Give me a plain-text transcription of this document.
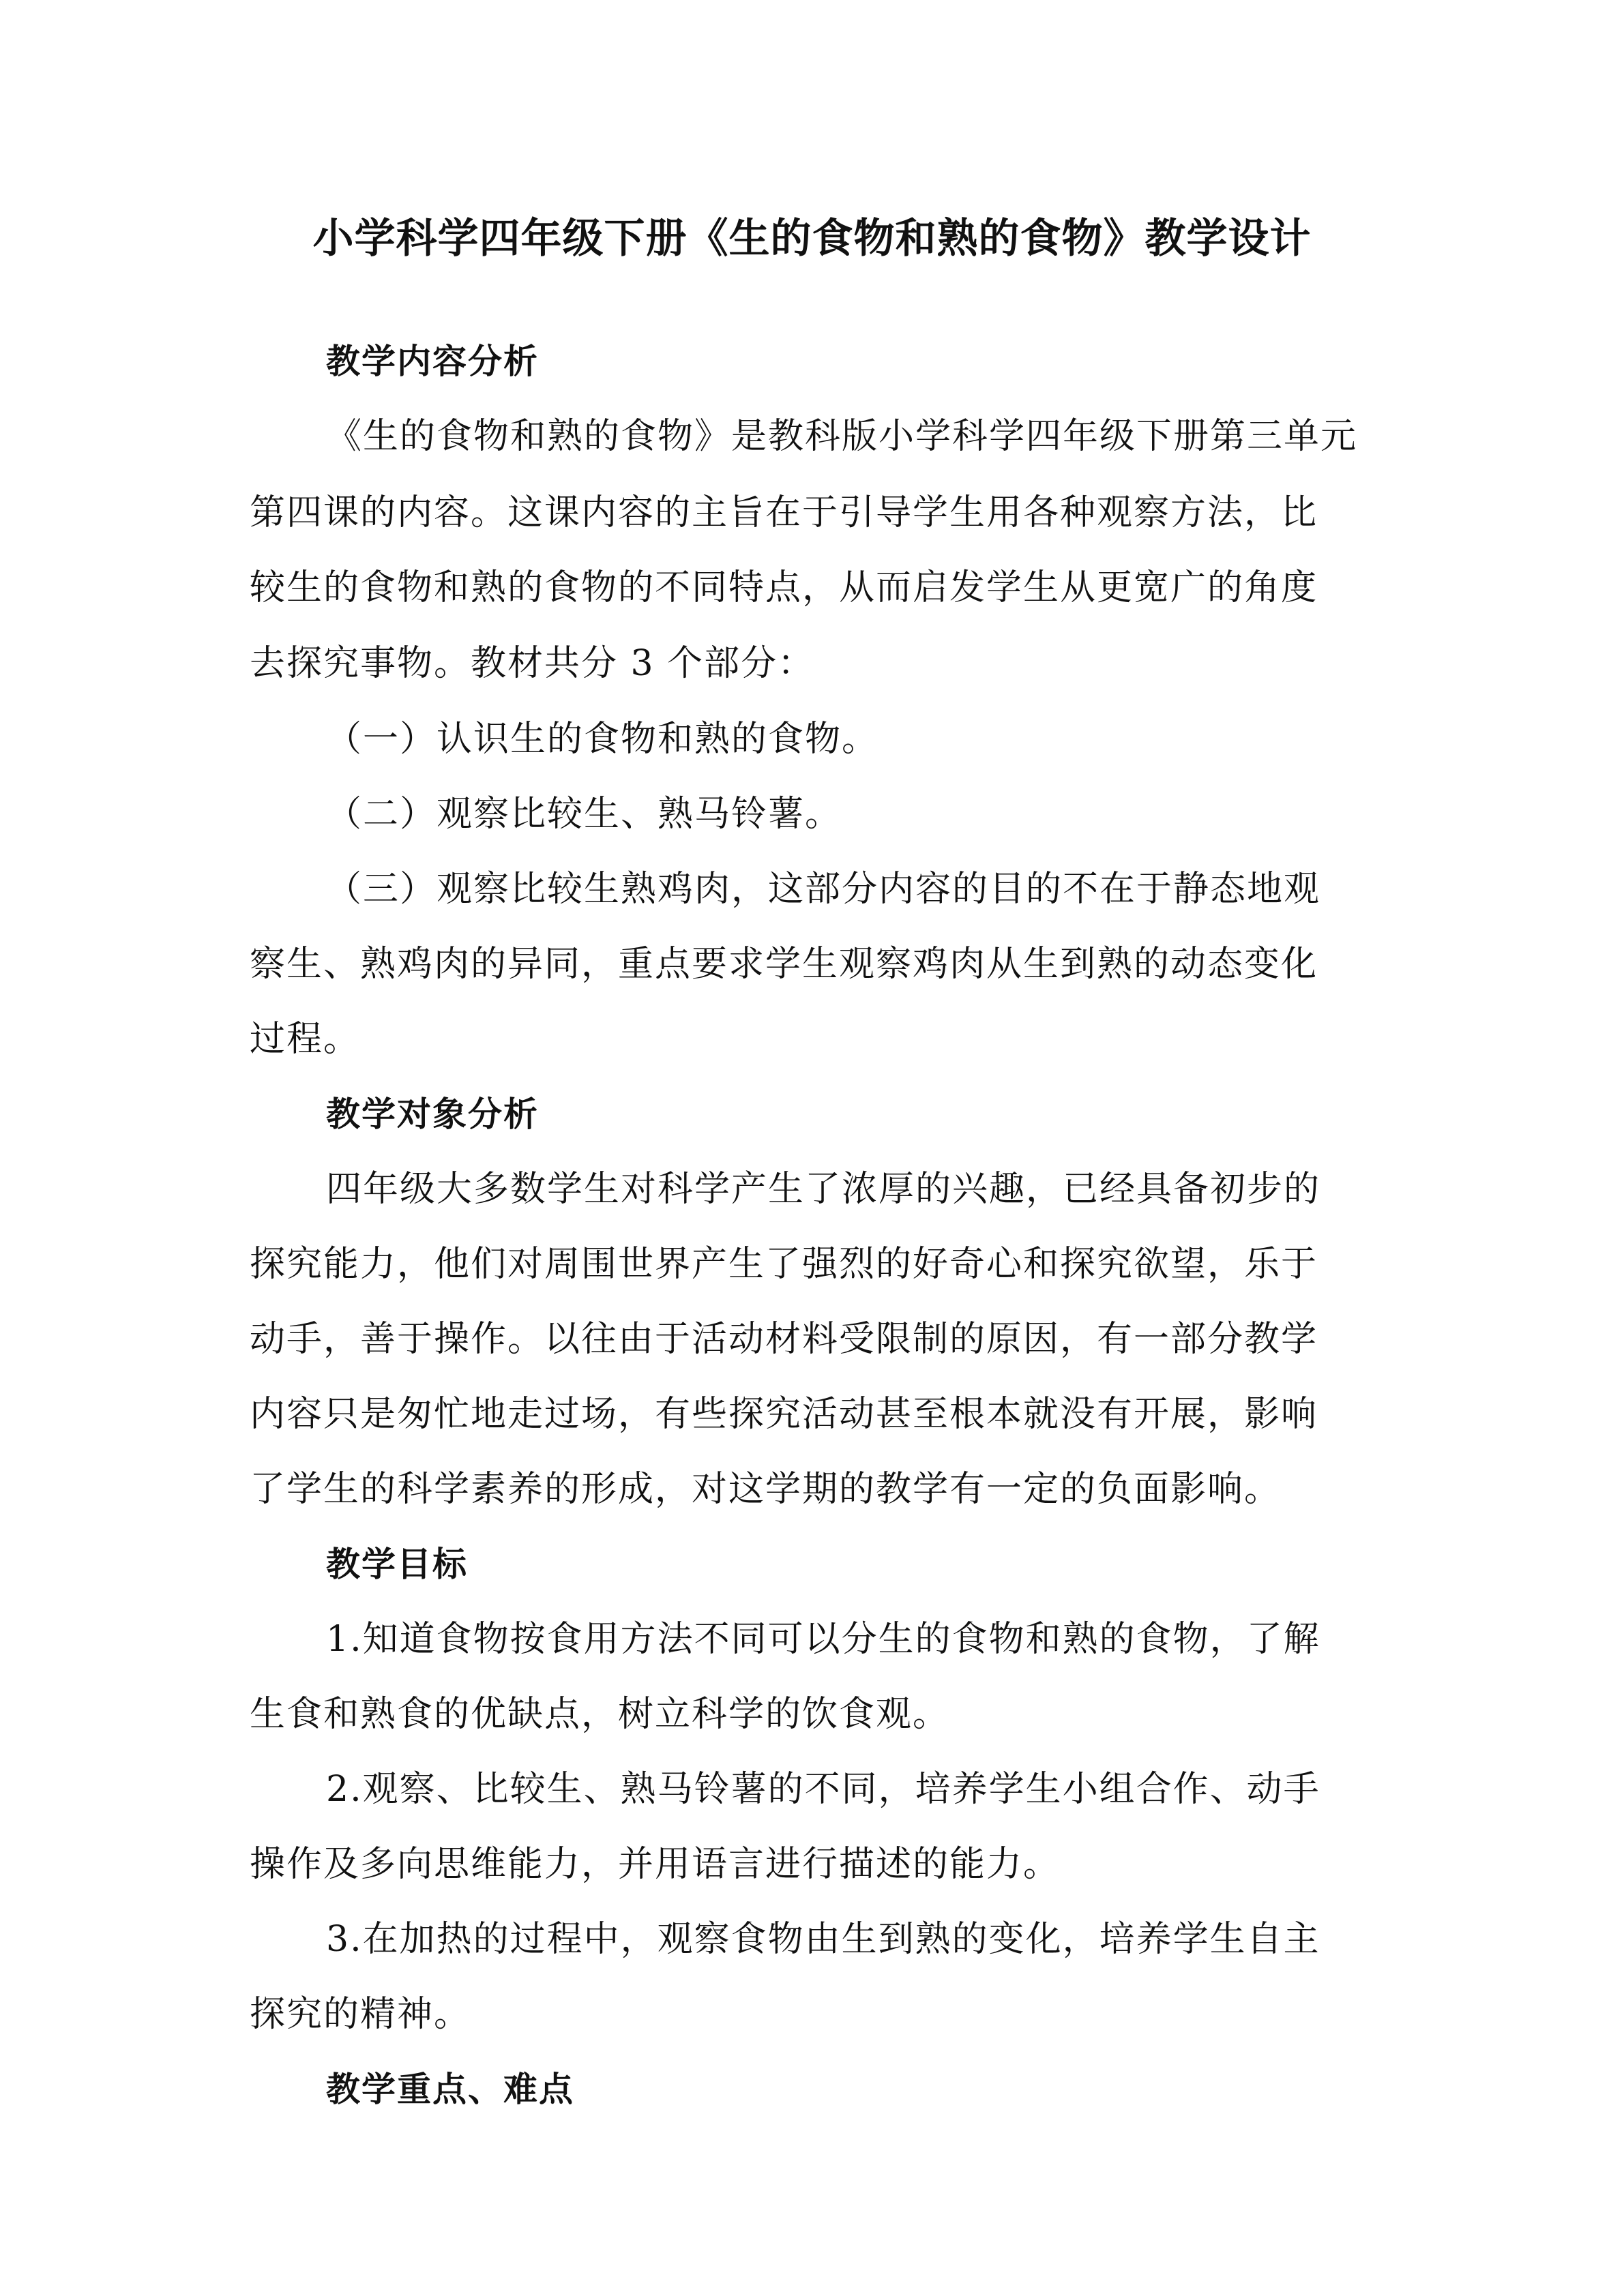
小学科学四年级下册《生的食物和熟的食物》教学设计
教学内容分析
《生的食物和熟的食物》是教科版小学科学四年级下册第三单元
第四课的内容。这课内容的主旨在于引导学生用各种观察方法，比
较生的食物和熟的食物的不同特点，从而启发学生从更宽广的角度
去探究事物。教材共分 3 个部分：
（一）认识生的食物和熟的食物。
（二）观察比较生、熟马铃薯。
（三）观察比较生熟鸡肉，这部分内容的目的不在于静态地观
察生、熟鸡肉的异同，重点要求学生观察鸡肉从生到熟的动态变化
过程。
教学对象分析
四年级大多数学生对科学产生了浓厚的兴趣，已经具备初步的
探究能力，他们对周围世界产生了强烈的好奇心和探究欲望，乐于
动手，善于操作。以往由于活动材料受限制的原因，有一部分教学
内容只是匆忙地走过场，有些探究活动甚至根本就没有开展，影响
了学生的科学素养的形成，对这学期的教学有一定的负面影响。
教学目标
1.知道食物按食用方法不同可以分生的食物和熟的食物，了解
生食和熟食的优缺点，树立科学的饮食观。
2.观察、比较生、熟马铃薯的不同，培养学生小组合作、动手
操作及多向思维能力，并用语言进行描述的能力。
3.在加热的过程中，观察食物由生到熟的变化，培养学生自主
探究的精神。
教学重点、难点
